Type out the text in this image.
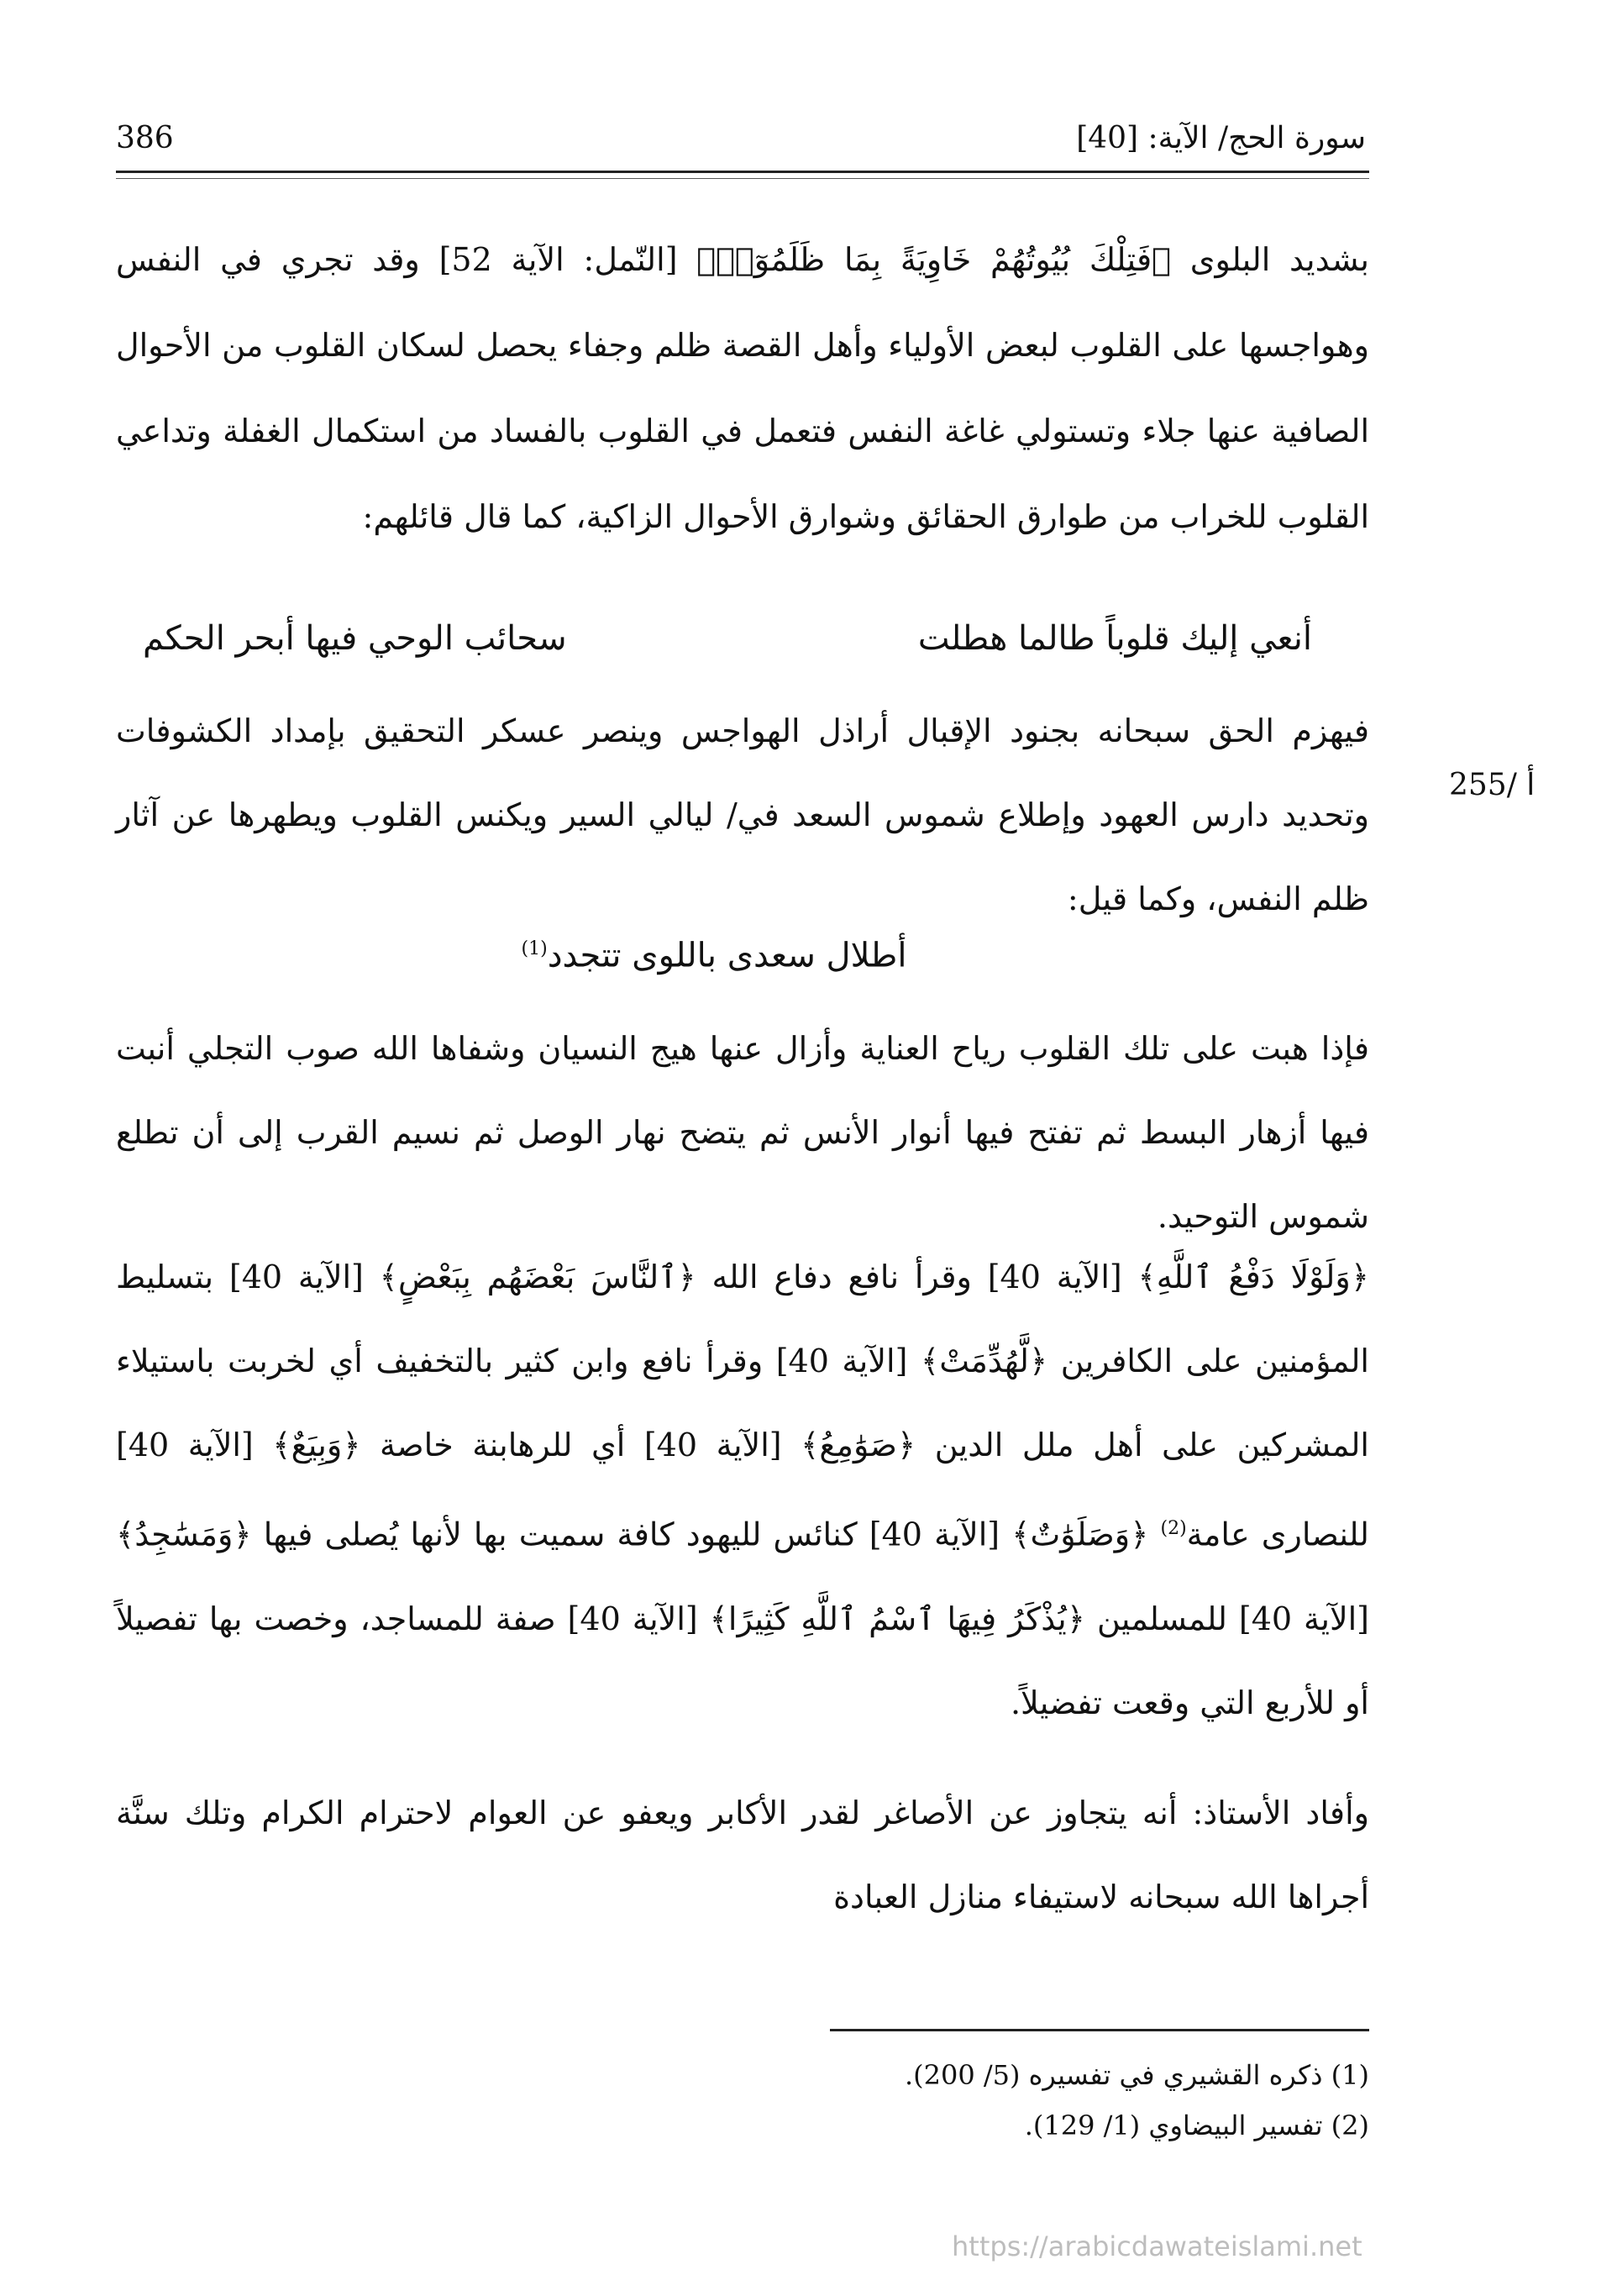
386	سورة الحج/ الآية: [40]
بشديد البلوى ﴿فَتِلْكَ بُيُوتُهُمْ خَاوِيَةً بِمَا ظَلَمُوٓا۟﴾ [النّمل: الآية 52] وقد تجري في النفس وهواجسها على القلوب لبعض الأولياء وأهل القصة ظلم وجفاء يحصل لسكان القلوب من الأحوال الصافية عنها جلاء وتستولي غاغة النفس فتعمل في القلوب بالفساد من استكمال الغفلة وتداعي القلوب للخراب من طوارق الحقائق وشوارق الأحوال الزاكية، كما قال قائلهم:
أنعي إليك قلوباً طالما هطلت
سحائب الوحي فيها أبحر الحكم
فيهزم الحق سبحانه بجنود الإقبال أراذل الهواجس وينصر عسكر التحقيق بإمداد الكشوفات وتحديد دارس العهود وإطلاع شموس السعد في/ ليالي السير ويكنس القلوب ويطهرها عن آثار ظلم النفس، وكما قيل:
255/ أ
أطلال سعدى باللوى تتجدد$^{(1)}$
فإذا هبت على تلك القلوب رياح العناية وأزال عنها هيج النسيان وشفاها الله صوب التجلي أنبت فيها أزهار البسط ثم تفتح فيها أنوار الأنس ثم يتضح نهار الوصل ثم نسيم القرب إلى أن تطلع شموس التوحيد.
﴿وَلَوْلَا دَفْعُ ٱللَّهِ﴾ [الآية 40] وقرأ نافع دفاع الله ﴿ٱلنَّاسَ بَعْضَهُم بِبَعْضٍ﴾ [الآية 40] بتسليط المؤمنين على الكافرين ﴿لَّهُدِّمَتْ﴾ [الآية 40] وقرأ نافع وابن كثير بالتخفيف أي لخربت باستيلاء المشركين على أهل ملل الدين ﴿صَوَٰمِعُ﴾ [الآية 40] أي للرهابنة خاصة ﴿وَبِيَعٌ﴾ [الآية 40] للنصارى عامة$^{(2)}$ ﴿وَصَلَوَٰتٌ﴾ [الآية 40] كنائس لليهود كافة سميت بها لأنها يُصلى فيها ﴿وَمَسَٰجِدُ﴾ [الآية 40] للمسلمين ﴿يُذْكَرُ فِيهَا ٱسْمُ ٱللَّهِ كَثِيرًا﴾ [الآية 40] صفة للمساجد، وخصت بها تفصيلاً أو للأربع التي وقعت تفضيلاً.
وأفاد الأستاذ: أنه يتجاوز عن الأصاغر لقدر الأكابر ويعفو عن العوام لاحترام الكرام وتلك سنَّة أجراها الله سبحانه لاستيفاء منازل العبادة
(1) ذكره القشيري في تفسيره (5/ 200).
(2) تفسير البيضاوي (1/ 129).
https://arabicdawateislami.net
